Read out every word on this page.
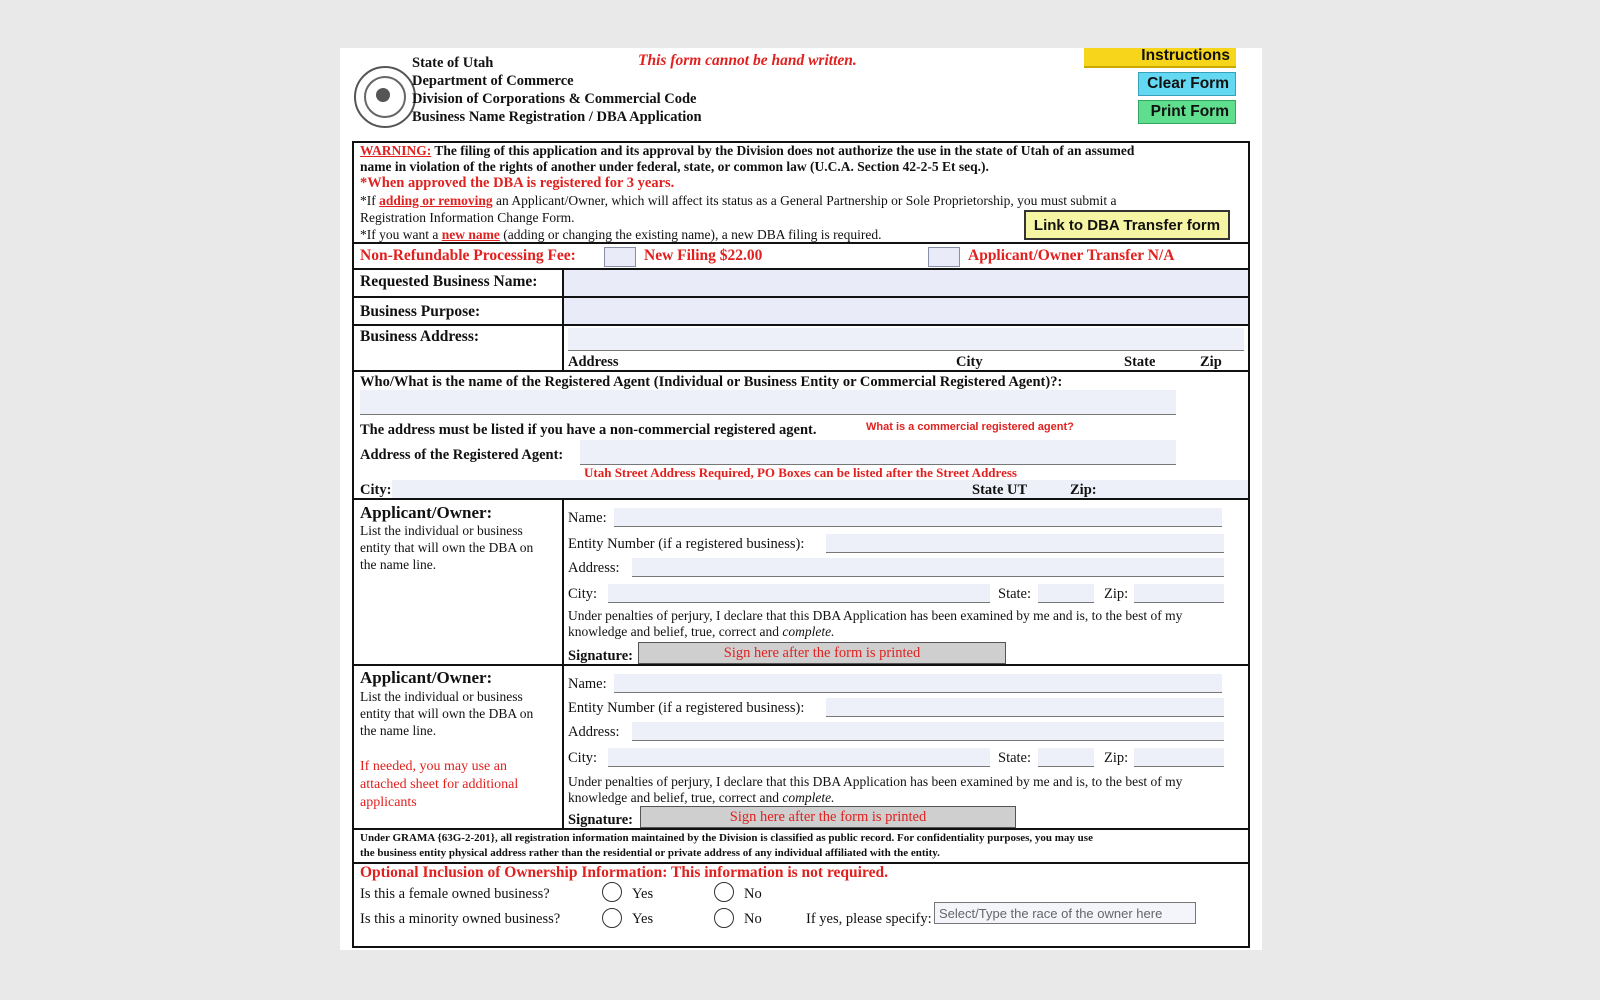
State of Utah
Department of Commerce
Division of Corporations & Commercial Code
Business Name Registration / DBA Application
This form cannot be hand written.	Instructions
Clear Form
Print Form
WARNING: The filing of this application and its approval by the Division does not authorize the use in the state of Utah of an assumed
name in violation of the rights of another under federal, state, or common law (U.C.A. Section 42-2-5 Et seq.).
*When approved the DBA is registered for 3 years.
*If adding or removing an Applicant/Owner, which will affect its status as a General Partnership or Sole Proprietorship, you must submit a
Registration Information Change Form.
*If you want a new name (adding or changing the existing name), a new DBA filing is required.
Link to DBA Transfer form
Non-Refundable Processing Fee:	New Filing $22.00	Applicant/Owner Transfer N/A
Requested Business Name:
Business Purpose:
Business Address:
Address	City	State	Zip
Who/What is the name of the Registered Agent (Individual or Business Entity or Commercial Registered Agent)?:
The address must be listed if you have a non-commercial registered agent.	What is a commercial registered agent?
Address of the Registered Agent:
Utah Street Address Required, PO Boxes can be listed after the Street Address
City:	State UT	Zip:
Applicant/Owner:
List the individual or business
entity that will own the DBA on
the name line.
Name:
Entity Number (if a registered business):
Address:
City:	State:	Zip:
Under penalties of perjury, I declare that this DBA Application has been examined by me and is, to the best of my
knowledge and belief, true, correct and complete.
Signature:	Sign here after the form is printed
Applicant/Owner:
List the individual or business
entity that will own the DBA on
the name line.
If needed, you may use an
attached sheet for additional
applicants
Name:
Entity Number (if a registered business):
Address:
City:	State:	Zip:
Under penalties of perjury, I declare that this DBA Application has been examined by me and is, to the best of my
knowledge and belief, true, correct and complete.
Signature:	Sign here after the form is printed
Under GRAMA {63G-2-201}, all registration information maintained by the Division is classified as public record. For confidentiality purposes, you may use
the business entity physical address rather than the residential or private address of any individual affiliated with the entity.
Optional Inclusion of Ownership Information: This information is not required.
Is this a female owned business?	Yes	No
Is this a minority owned business?	Yes	No	If yes, please specify: Select/Type the race of the owner here
